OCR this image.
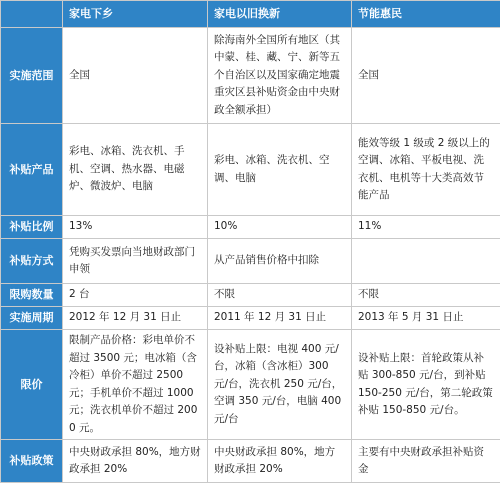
	家电下乡	家电以旧换新	节能惠民
实施范围	全国	除海南外全国所有地区（其中蒙、桂、藏、宁、新等五个自治区以及国家确定地震重灾区县补贴资金由中央财政全额承担）	全国
补贴产品	彩电、冰箱、洗衣机、手机、空调、热水器、电磁炉、微波炉、电脑	彩电、冰箱、洗衣机、空调、电脑	能效等级 1 级或 2 级以上的空调、冰箱、平板电视、洗衣机、电机等十大类高效节能产品
补贴比例	13%	10%	11%
补贴方式	凭购买发票向当地财政部门申领	从产品销售价格中扣除	
限购数量	2 台	不限	不限
实施周期	2012 年 12 月 31 日止	2011 年 12 月 31 日止	2013 年 5 月 31 日止
限价	限制产品价格：彩电单价不超过 3500 元；电冰箱（含冷柜）单价不超过 2500 元；手机单价不超过 1000 元；洗衣机单价不超过 2000 元。	设补贴上限：电视 400 元/台，冰箱（含冰柜）300 元/台，洗衣机 250 元/台，空调 350 元/台，电脑 400 元/台	设补贴上限：首轮政策从补贴 300-850 元/台，到补贴 150-250 元/台，第二轮政策补贴 150-850 元/台。
补贴政策	中央财政承担 80%，地方财政承担 20%	中央财政承担 80%，地方财政承担 20%	主要有中央财政承担补贴资金
